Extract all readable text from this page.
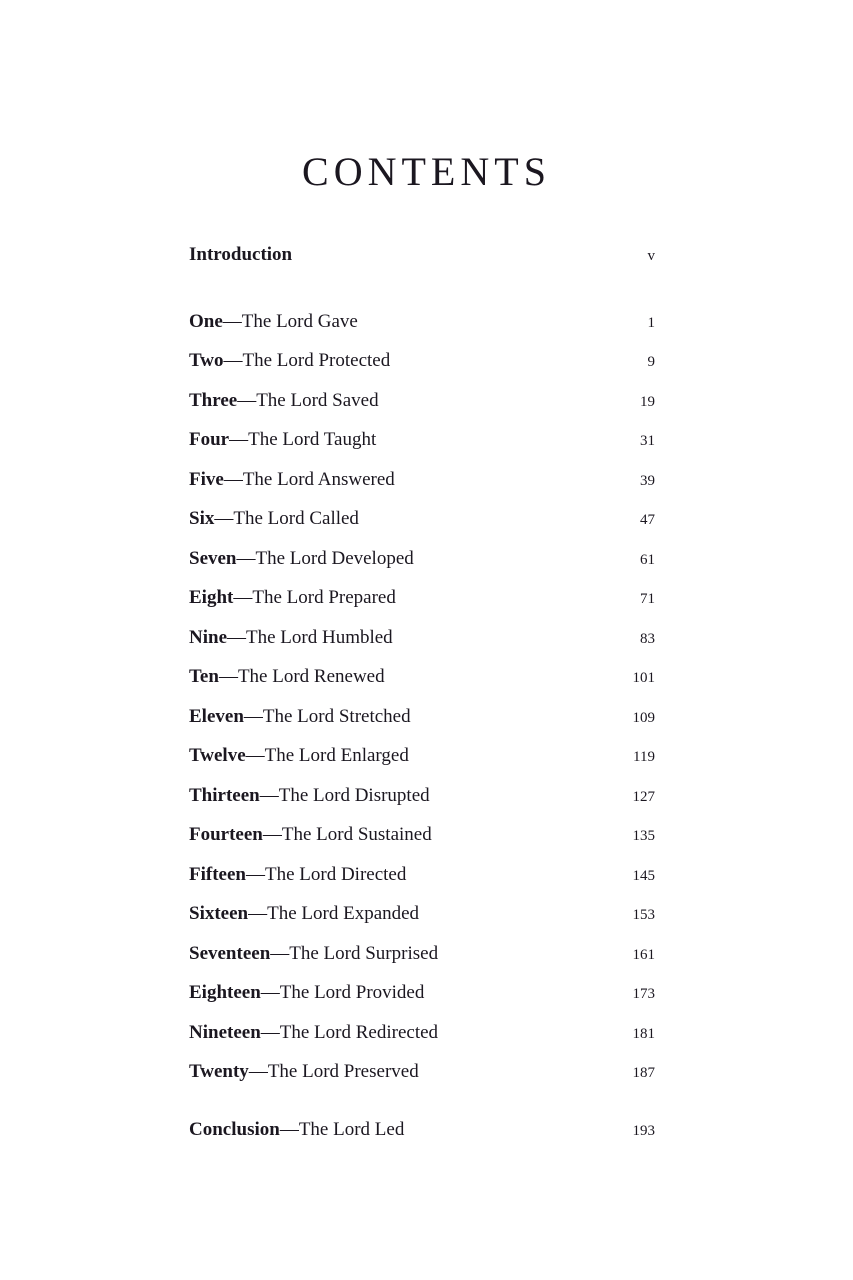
CONTENTS
Introduction	v
One—The Lord Gave	1
Two—The Lord Protected	9
Three—The Lord Saved	19
Four—The Lord Taught	31
Five—The Lord Answered	39
Six—The Lord Called	47
Seven—The Lord Developed	61
Eight—The Lord Prepared	71
Nine—The Lord Humbled	83
Ten—The Lord Renewed	101
Eleven—The Lord Stretched	109
Twelve—The Lord Enlarged	119
Thirteen—The Lord Disrupted	127
Fourteen—The Lord Sustained	135
Fifteen—The Lord Directed	145
Sixteen—The Lord Expanded	153
Seventeen—The Lord Surprised	161
Eighteen—The Lord Provided	173
Nineteen—The Lord Redirected	181
Twenty—The Lord Preserved	187
Conclusion—The Lord Led	193
